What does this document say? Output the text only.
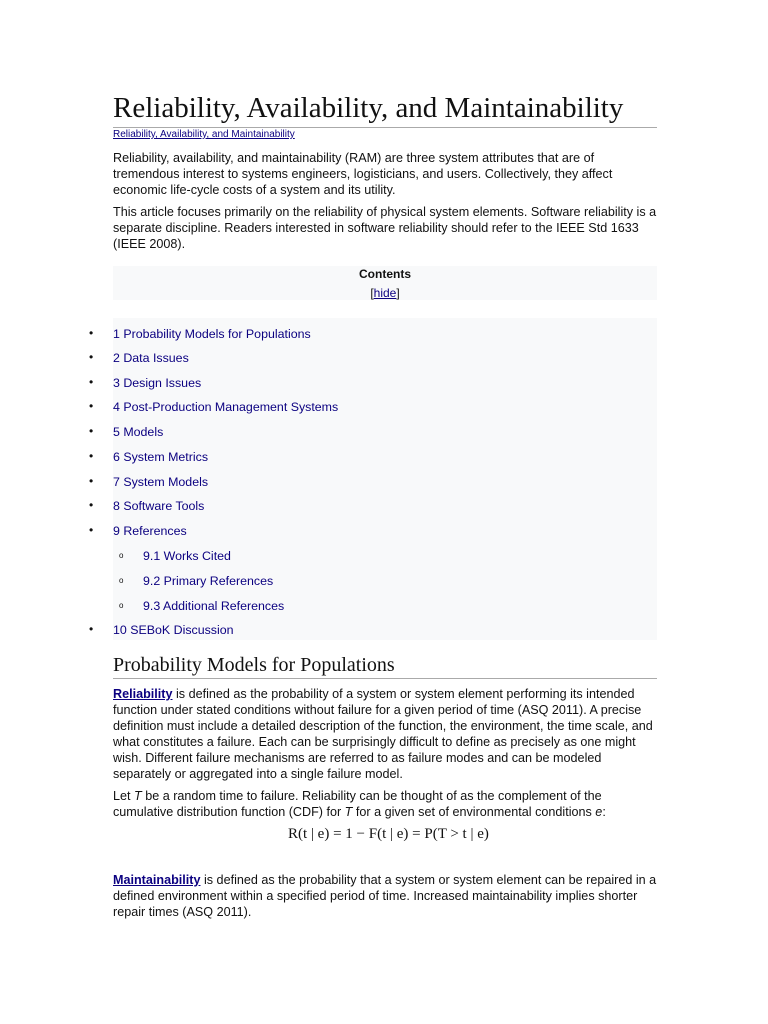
Reliability, Availability, and Maintainability
Reliability, Availability, and Maintainability

Reliability, availability, and maintainability (RAM) are three system attributes that are of tremendous interest to systems engineers, logisticians, and users. Collectively, they affect economic life-cycle costs of a system and its utility.

This article focuses primarily on the reliability of physical system elements. Software reliability is a separate discipline. Readers interested in software reliability should refer to the IEEE Std 1633 (IEEE 2008).

Contents
[hide]
• 1 Probability Models for Populations
• 2 Data Issues
• 3 Design Issues
• 4 Post-Production Management Systems
• 5 Models
• 6 System Metrics
• 7 System Models
• 8 Software Tools
• 9 References
o 9.1 Works Cited
o 9.2 Primary References
o 9.3 Additional References
• 10 SEBoK Discussion
Probability Models for Populations

Reliability is defined as the probability of a system or system element performing its intended function under stated conditions without failure for a given period of time (ASQ 2011). A precise definition must include a detailed description of the function, the environment, the time scale, and what constitutes a failure. Each can be surprisingly difficult to define as precisely as one might wish. Different failure mechanisms are referred to as failure modes and can be modeled separately or aggregated into a single failure model.

Let T be a random time to failure. Reliability can be thought of as the complement of the cumulative distribution function (CDF) for T for a given set of environmental conditions e:

R(t | e) = 1 − F(t | e) = P(T > t | e)

Maintainability is defined as the probability that a system or system element can be repaired in a defined environment within a specified period of time. Increased maintainability implies shorter repair times (ASQ 2011).
